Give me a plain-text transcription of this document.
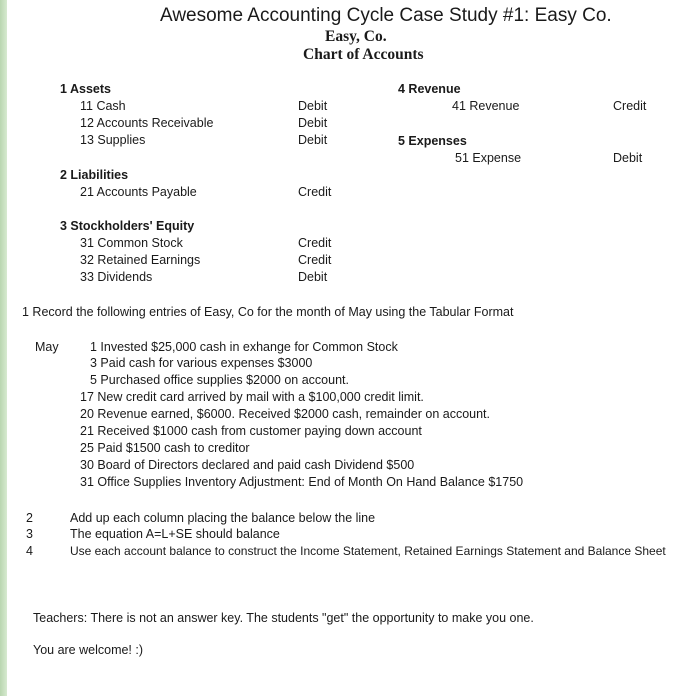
Awesome Accounting Cycle Case Study #1: Easy Co.
Easy, Co.
Chart of Accounts
1 Assets
11 Cash	Debit
12 Accounts Receivable	Debit
13 Supplies	Debit
2 Liabilities
21 Accounts Payable	Credit
3 Stockholders' Equity
31 Common Stock	Credit
32 Retained Earnings	Credit
33 Dividends	Debit
4 Revenue
41 Revenue	Credit
5 Expenses
51 Expense	Debit
1 Record the following entries of Easy, Co for the month of May using the Tabular Format
May	1 Invested $25,000 cash in exhange for Common Stock
3 Paid cash for various expenses $3000
5 Purchased office supplies $2000 on account.
17 New credit card arrived by mail with a $100,000 credit limit.
20 Revenue earned, $6000. Received $2000 cash, remainder on account.
21 Received $1000 cash from customer paying down account
25 Paid $1500 cash to creditor
30 Board of Directors declared and paid cash Dividend $500
31 Office Supplies Inventory Adjustment: End of Month On Hand Balance $1750
2	Add up each column placing the balance below the line
3	The equation A=L+SE should balance
4	Use each account balance to construct the Income Statement, Retained Earnings Statement and Balance Sheet
Teachers: There is not an answer key. The students "get" the opportunity to make you one.
You are welcome! :)
